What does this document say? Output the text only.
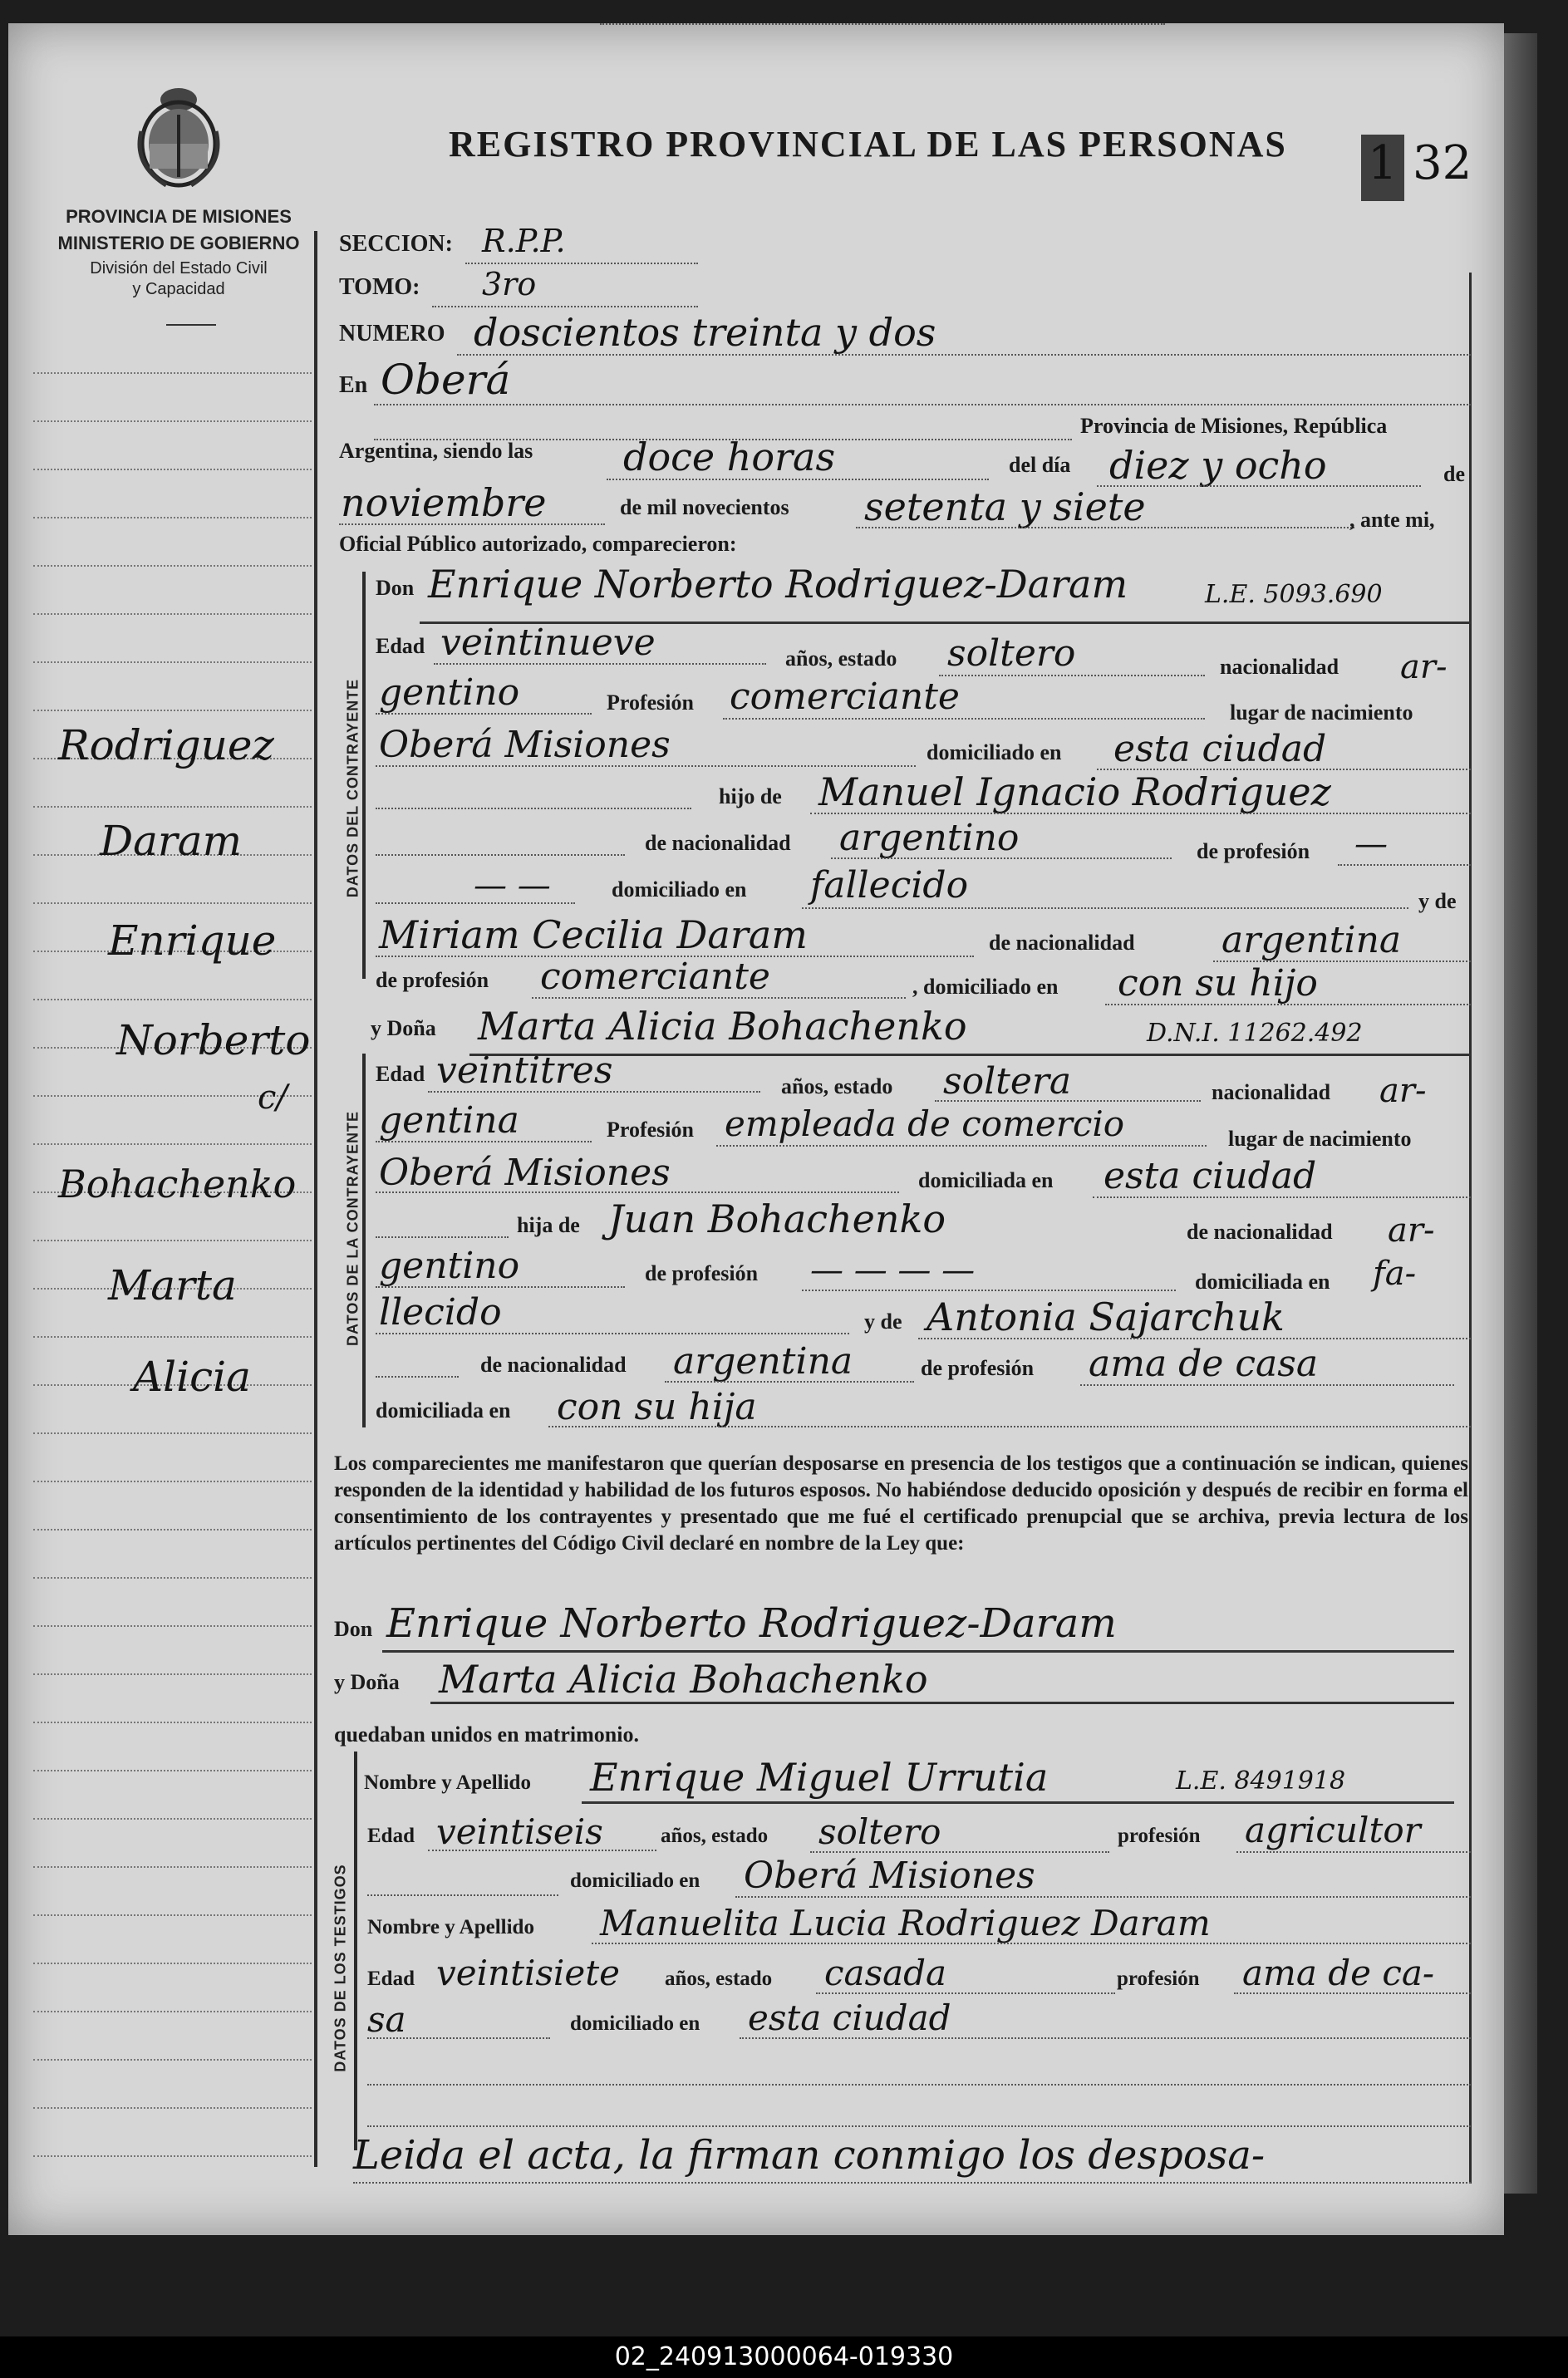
PROVINCIA DE MISIONES
MINISTERIO DE GOBIERNO
División del Estado Civil
y Capacidad
REGISTRO PROVINCIAL DE LAS PERSONAS 1 32
Rodriguez
Daram
Enrique
Norberto
c/
Bohachenko
Marta
Alicia
SECCION: R.P.P.
TOMO: 3ro
NUMERO doscientos treinta y dos
En Oberá
Provincia de Misiones, República
Argentina, siendo las doce horas	del día diez y ocho	de
noviembre	de mil novecientos setenta y siete	, ante mi,
Oficial Público autorizado, comparecieron:
DATOS DEL CONTRAYENTE
Don Enrique Norberto Rodriguez-Daram	L.E. 5093.690
Edad veintinueve	años, estado soltero	nacionalidad ar-
gentino	Profesión comerciante	lugar de nacimiento
Oberá Misiones	domiciliado en esta ciudad
hijo de Manuel Ignacio Rodriguez
de nacionalidad argentino	de profesión —
— —	domiciliado en fallecido	y de
Miriam Cecilia Daram	de nacionalidad argentina
de profesión comerciante	, domiciliado en con su hijo
y Doña Marta Alicia Bohachenko	D.N.I. 11262.492
DATOS DE LA CONTRAYENTE
Edad veintitres	años, estado soltera	nacionalidad ar-
gentina	Profesión empleada de comercio	lugar de nacimiento
Oberá Misiones	domiciliada en esta ciudad
hija de Juan Bohachenko	de nacionalidad ar-
gentino	de profesión — — — —	domiciliada en fa-
llecido	y de Antonia Sajarchuk
de nacionalidad argentina	de profesión ama de casa
domiciliada en con su hija
Los comparecientes me manifestaron que querían desposarse en presencia de los testigos que a continuación se indican, quienes responden de la identidad y habilidad de los futuros esposos. No habiéndose deducido oposición y después de recibir en forma el consentimiento de los contrayentes y presentado que me fué el certificado prenupcial que se archiva, previa lectura de los artículos pertinentes del Código Civil declaré en nombre de la Ley que:
Don Enrique Norberto Rodriguez-Daram
y Doña Marta Alicia Bohachenko
quedaban unidos en matrimonio.
DATOS DE LOS TESTIGOS
Nombre y Apellido Enrique Miguel Urrutia	L.E. 8491918
Edad veintiseis	años, estado soltero	profesión agricultor
domiciliado en Oberá Misiones
Nombre y Apellido Manuelita Lucia Rodriguez Daram
Edad veintisiete años, estado casada	profesión ama de ca-
sa	domiciliado en esta ciudad
Leida el acta, la firman conmigo los desposa-
02_240913000064-019330
